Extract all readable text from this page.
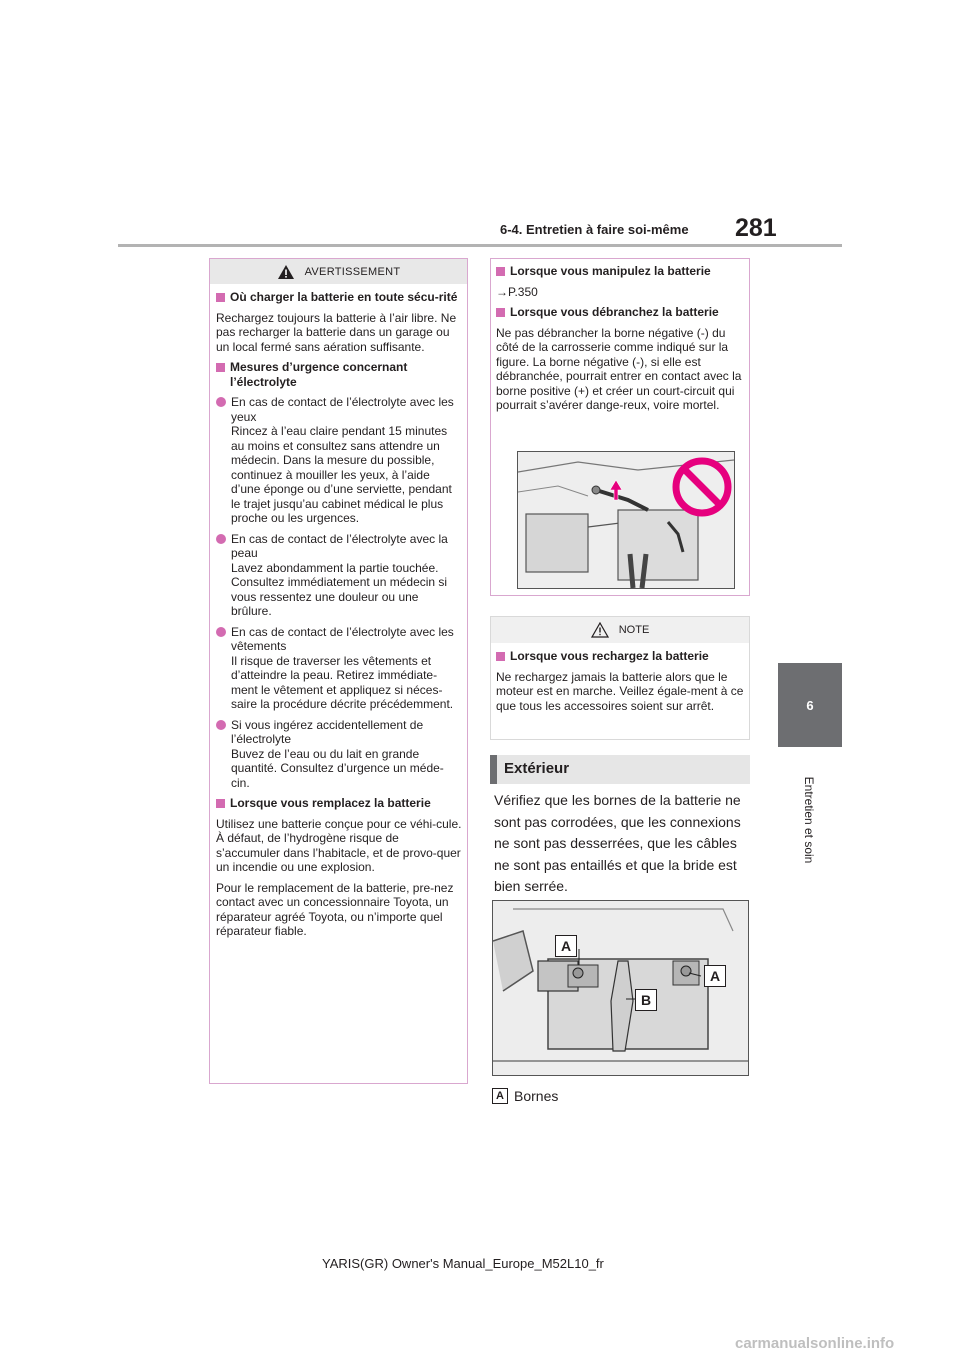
6-4. Entretien à faire soi-même 281
6
Entretien et soin
AVERTISSEMENT
Où charger la batterie en toute sécu-rité
Rechargez toujours la batterie à l’air libre. Ne pas recharger la batterie dans un garage ou un local fermé sans aération suffisante.
Mesures d’urgence concernant l’électrolyte
En cas de contact de l’électrolyte avec les yeux
Rincez à l’eau claire pendant 15 minutes au moins et consultez sans attendre un médecin. Dans la mesure du possible, continuez à mouiller les yeux, à l’aide d’une éponge ou d’une serviette, pendant le trajet jusqu’au cabinet médical le plus proche ou les urgences.
En cas de contact de l’électrolyte avec la peau
Lavez abondamment la partie touchée. Consultez immédiatement un médecin si vous ressentez une douleur ou une brûlure.
En cas de contact de l’électrolyte avec les vêtements
Il risque de traverser les vêtements et d’atteindre la peau. Retirez immédiate-ment le vêtement et appliquez si néces-saire la procédure décrite précédemment.
Si vous ingérez accidentellement de l’électrolyte
Buvez de l’eau ou du lait en grande quantité. Consultez d’urgence un méde-cin.
Lorsque vous remplacez la batterie
Utilisez une batterie conçue pour ce véhi-cule. À défaut, de l’hydrogène risque de s’accumuler dans l’habitacle, et de provo-quer un incendie ou une explosion.
Pour le remplacement de la batterie, pre-nez contact avec un concessionnaire Toyota, un réparateur agréé Toyota, ou n’importe quel réparateur fiable.
Lorsque vous manipulez la batterie
→P.350
Lorsque vous débranchez la batterie
Ne pas débrancher la borne négative (-) du côté de la carrosserie comme indiqué sur la figure. La borne négative (-), si elle est débranchée, pourrait entrer en contact avec la borne positive (+) et créer un court-circuit qui pourrait s’avérer dange-reux, voire mortel.
NOTE
Lorsque vous rechargez la batterie
Ne rechargez jamais la batterie alors que le moteur est en marche. Veillez égale-ment à ce que tous les accessoires soient sur arrêt.
Extérieur
Vérifiez que les bornes de la batterie ne sont pas corrodées, que les connexions ne sont pas desserrées, que les câbles ne sont pas entaillés et que la bride est bien serrée.
A
A
B
A Bornes
YARIS(GR) Owner's Manual_Europe_M52L10_fr
carmanualsonline.info
